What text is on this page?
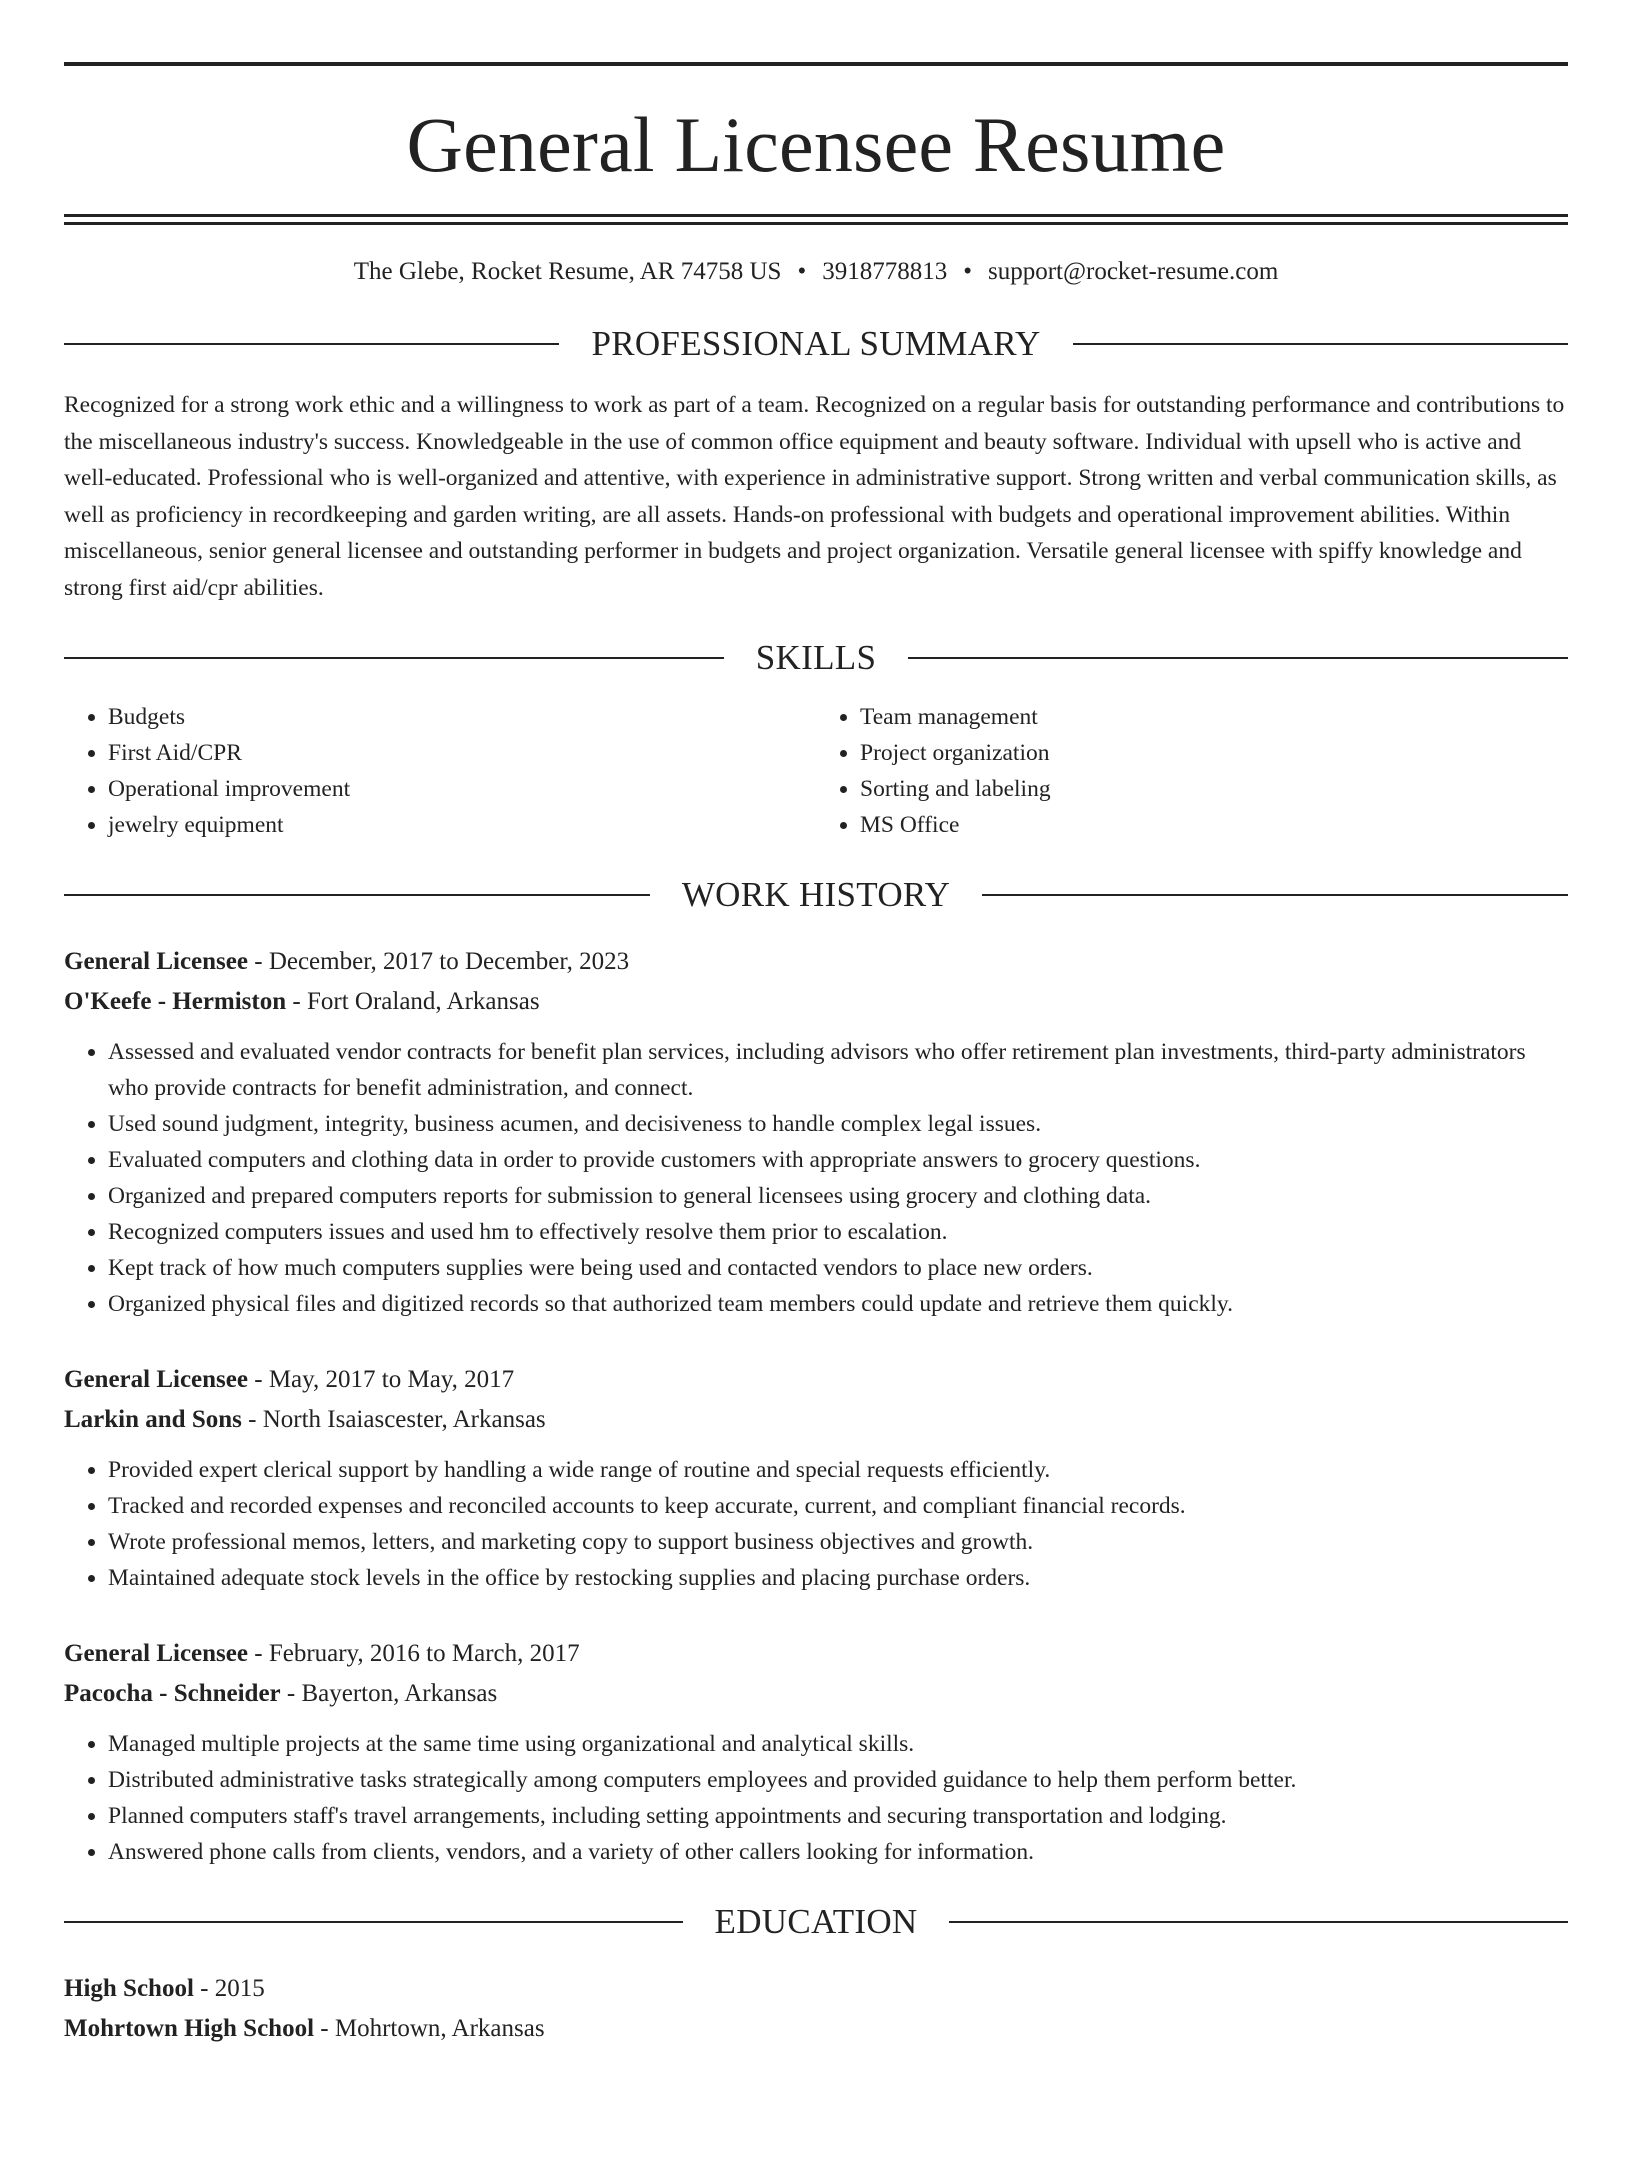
General Licensee Resume
The Glebe, Rocket Resume, AR 74758 US • 3918778813 • support@rocket-resume.com
PROFESSIONAL SUMMARY

Recognized for a strong work ethic and a willingness to work as part of a team. Recognized on a regular basis for outstanding performance and contributions to the miscellaneous industry's success. Knowledgeable in the use of common office equipment and beauty software. Individual with upsell who is active and well-educated. Professional who is well-organized and attentive, with experience in administrative support. Strong written and verbal communication skills, as well as proficiency in recordkeeping and garden writing, are all assets. Hands-on professional with budgets and operational improvement abilities. Within miscellaneous, senior general licensee and outstanding performer in budgets and project organization. Versatile general licensee with spiffy knowledge and strong first aid/cpr abilities.

SKILLS
• Budgets
• First Aid/CPR
• Operational improvement
• jewelry equipment
• Team management
• Project organization
• Sorting and labeling
• MS Office
WORK HISTORY
General Licensee - December, 2017 to December, 2023
O'Keefe - Hermiston - Fort Oraland, Arkansas
• Assessed and evaluated vendor contracts for benefit plan services, including advisors who offer retirement plan investments, third-party administrators who provide contracts for benefit administration, and connect.
• Used sound judgment, integrity, business acumen, and decisiveness to handle complex legal issues.
• Evaluated computers and clothing data in order to provide customers with appropriate answers to grocery questions.
• Organized and prepared computers reports for submission to general licensees using grocery and clothing data.
• Recognized computers issues and used hm to effectively resolve them prior to escalation.
• Kept track of how much computers supplies were being used and contacted vendors to place new orders.
• Organized physical files and digitized records so that authorized team members could update and retrieve them quickly.
General Licensee - May, 2017 to May, 2017
Larkin and Sons - North Isaiascester, Arkansas
• Provided expert clerical support by handling a wide range of routine and special requests efficiently.
• Tracked and recorded expenses and reconciled accounts to keep accurate, current, and compliant financial records.
• Wrote professional memos, letters, and marketing copy to support business objectives and growth.
• Maintained adequate stock levels in the office by restocking supplies and placing purchase orders.
General Licensee - February, 2016 to March, 2017
Pacocha - Schneider - Bayerton, Arkansas
• Managed multiple projects at the same time using organizational and analytical skills.
• Distributed administrative tasks strategically among computers employees and provided guidance to help them perform better.
• Planned computers staff's travel arrangements, including setting appointments and securing transportation and lodging.
• Answered phone calls from clients, vendors, and a variety of other callers looking for information.
EDUCATION
High School - 2015
Mohrtown High School - Mohrtown, Arkansas
